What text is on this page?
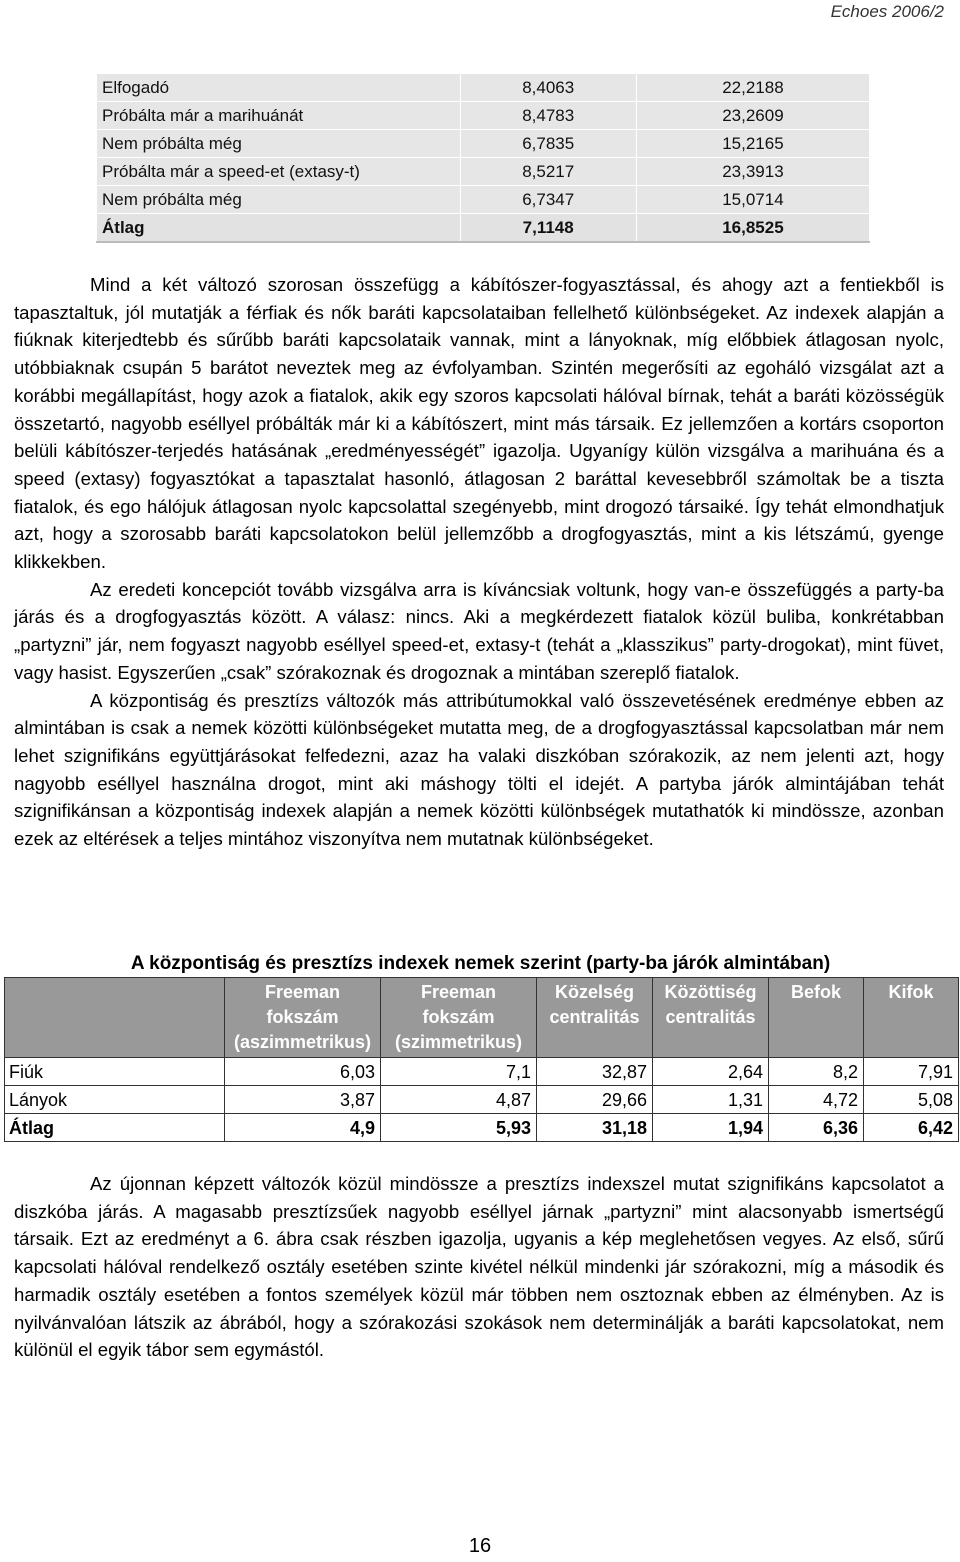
Echoes 2006/2
Elfogadó	8,4063	22,2188
Próbálta már a marihuánát	8,4783	23,2609
Nem próbálta még	6,7835	15,2165
Próbálta már a speed-et (extasy-t)	8,5217	23,3913
Nem próbálta még	6,7347	15,0714
Átlag	7,1148	16,8525

Mind a két változó szorosan összefügg a kábítószer-fogyasztással, és ahogy azt a fentiekből is tapasztaltuk, jól mutatják a férfiak és nők baráti kapcsolataiban fellelhető különbségeket. Az indexek alapján a fiúknak kiterjedtebb és sűrűbb baráti kapcsolataik vannak, mint a lányoknak, míg előbbiek átlagosan nyolc, utóbbiaknak csupán 5 barátot neveztek meg az évfolyamban. Szintén megerősíti az egoháló vizsgálat azt a korábbi megállapítást, hogy azok a fiatalok, akik egy szoros kapcsolati hálóval bírnak, tehát a baráti közösségük összetartó, nagyobb eséllyel próbálták már ki a kábítószert, mint más társaik. Ez jellemzően a kortárs csoporton belüli kábítószer-terjedés hatásának „eredményességét” igazolja. Ugyanígy külön vizsgálva a marihuána és a speed (extasy) fogyasztókat a tapasztalat hasonló, átlagosan 2 baráttal kevesebbről számoltak be a tiszta fiatalok, és ego hálójuk átlagosan nyolc kapcsolattal szegényebb, mint drogozó társaiké. Így tehát elmondhatjuk azt, hogy a szorosabb baráti kapcsolatokon belül jellemzőbb a drogfogyasztás, mint a kis létszámú, gyenge klikkekben.

Az eredeti koncepciót tovább vizsgálva arra is kíváncsiak voltunk, hogy van-e összefüggés a party-ba járás és a drogfogyasztás között. A válasz: nincs. Aki a megkérdezett fiatalok közül buliba, konkrétabban „partyzni” jár, nem fogyaszt nagyobb eséllyel speed-et, extasy-t (tehát a „klasszikus” party-drogokat), mint füvet, vagy hasist. Egyszerűen „csak” szórakoznak és drogoznak a mintában szereplő fiatalok.

A központiság és presztízs változók más attribútumokkal való összevetésének eredménye ebben az almintában is csak a nemek közötti különbségeket mutatta meg, de a drogfogyasztással kapcsolatban már nem lehet szignifikáns együttjárásokat felfedezni, azaz ha valaki diszkóban szórakozik, az nem jelenti azt, hogy nagyobb eséllyel használna drogot, mint aki máshogy tölti el idejét. A partyba járók almintájában tehát szignifikánsan a központiság indexek alapján a nemek közötti különbségek mutathatók ki mindössze, azonban ezek az eltérések a teljes mintához viszonyítva nem mutatnak különbségeket.

A központiság és presztízs indexek nemek szerint (party-ba járók almintában)
	Freeman fokszám (aszimmetrikus)	Freeman fokszám (szimmetrikus)	Közelség centralitás	Közöttiség centralitás	Befok	Kifok
Fiúk	6,03	7,1	32,87	2,64	8,2	7,91
Lányok	3,87	4,87	29,66	1,31	4,72	5,08
Átlag	4,9	5,93	31,18	1,94	6,36	6,42

Az újonnan képzett változók közül mindössze a presztízs indexszel mutat szignifikáns kapcsolatot a diszkóba járás. A magasabb presztízsűek nagyobb eséllyel járnak „partyzni” mint alacsonyabb ismertségű társaik. Ezt az eredményt a 6. ábra csak részben igazolja, ugyanis a kép meglehetősen vegyes. Az első, sűrű kapcsolati hálóval rendelkező osztály esetében szinte kivétel nélkül mindenki jár szórakozni, míg a második és harmadik osztály esetében a fontos személyek közül már többen nem osztoznak ebben az élményben. Az is nyilvánvalóan látszik az ábrából, hogy a szórakozási szokások nem determinálják a baráti kapcsolatokat, nem különül el egyik tábor sem egymástól.

16
